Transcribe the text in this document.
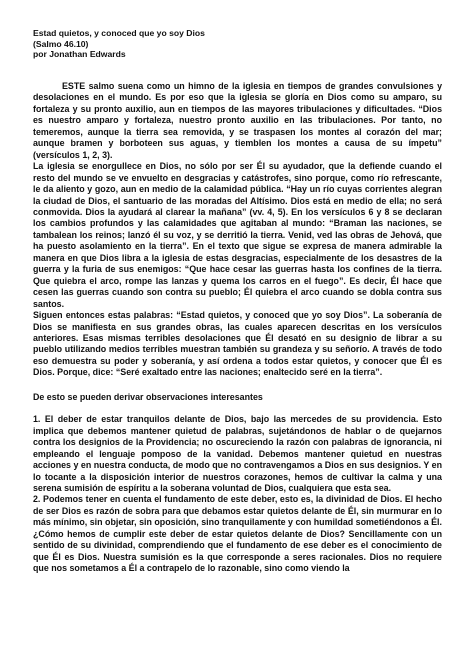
Estad quietos, y conoced que yo soy Dios
(Salmo 46.10)
por Jonathan Edwards

ESTE salmo suena como un himno de la iglesia en tiempos de grandes convulsiones y desolaciones en el mundo. Es por eso que la iglesia se gloría en Dios como su amparo, su fortaleza y su pronto auxilio, aun en tiempos de las mayores tribulaciones y dificultades. “Dios es nuestro amparo y fortaleza, nuestro pronto auxilio en las tribulaciones. Por tanto, no temeremos, aunque la tierra sea removida, y se traspasen los montes al corazón del mar; aunque bramen y borboteen sus aguas, y tiemblen los montes a causa de su ímpetu” (versículos 1, 2, 3).

La iglesia se enorgullece en Dios, no sólo por ser Él su ayudador, que la defiende cuando el resto del mundo se ve envuelto en desgracias y catástrofes, sino porque, como río refrescante, le da aliento y gozo, aun en medio de la calamidad pública. “Hay un río cuyas corrientes alegran la ciudad de Dios, el santuario de las moradas del Altísimo. Dios está en medio de ella; no será conmovida. Dios la ayudará al clarear la mañana” (vv. 4, 5). En los versículos 6 y 8 se declaran los cambios profundos y las calamidades que agitaban al mundo: “Braman las naciones, se tambalean los reinos; lanzó él su voz, y se derritió la tierra. Venid, ved las obras de Jehová, que ha puesto asolamiento en la tierra”. En el texto que sigue se expresa de manera admirable la manera en que Dios libra a la iglesia de estas desgracias, especialmente de los desastres de la guerra y la furia de sus enemigos: “Que hace cesar las guerras hasta los confines de la tierra. Que quiebra el arco, rompe las lanzas y quema los carros en el fuego”. Es decir, Él hace que cesen las guerras cuando son contra su pueblo; Él quiebra el arco cuando se dobla contra sus santos.

Siguen entonces estas palabras: “Estad quietos, y conoced que yo soy Dios”. La soberanía de Dios se manifiesta en sus grandes obras, las cuales aparecen descritas en los versículos anteriores. Esas mismas terribles desolaciones que Él desató en su designio de librar a su pueblo utilizando medios terribles muestran también su grandeza y su señorío. A través de todo eso demuestra su poder y soberanía, y así ordena a todos estar quietos, y conocer que Él es Dios. Porque, dice: “Seré exaltado entre las naciones; enaltecido seré en la tierra”.

De esto se pueden derivar observaciones interesantes

1. El deber de estar tranquilos delante de Dios, bajo las mercedes de su providencia. Esto implica que debemos mantener quietud de palabras, sujetándonos de hablar o de quejarnos contra los designios de la Providencia; no oscureciendo la razón con palabras de ignorancia, ni empleando el lenguaje pomposo de la vanidad. Debemos mantener quietud en nuestras acciones y en nuestra conducta, de modo que no contravengamos a Dios en sus designios. Y en lo tocante a la disposición interior de nuestros corazones, hemos de cultivar la calma y una serena sumisión de espíritu a la soberana voluntad de Dios, cualquiera que esta sea.

2. Podemos tener en cuenta el fundamento de este deber, esto es, la divinidad de Dios. El hecho de ser Dios es razón de sobra para que debamos estar quietos delante de Él, sin murmurar en lo más mínimo, sin objetar, sin oposición, sino tranquilamente y con humildad sometiéndonos a Él. ¿Cómo hemos de cumplir este deber de estar quietos delante de Dios? Sencillamente con un sentido de su divinidad, comprendiendo que el fundamento de ese deber es el conocimiento de que Él es Dios. Nuestra sumisión es la que corresponde a seres racionales. Dios no requiere que nos sometamos a Él a contrapelo de lo razonable, sino como viendo la
